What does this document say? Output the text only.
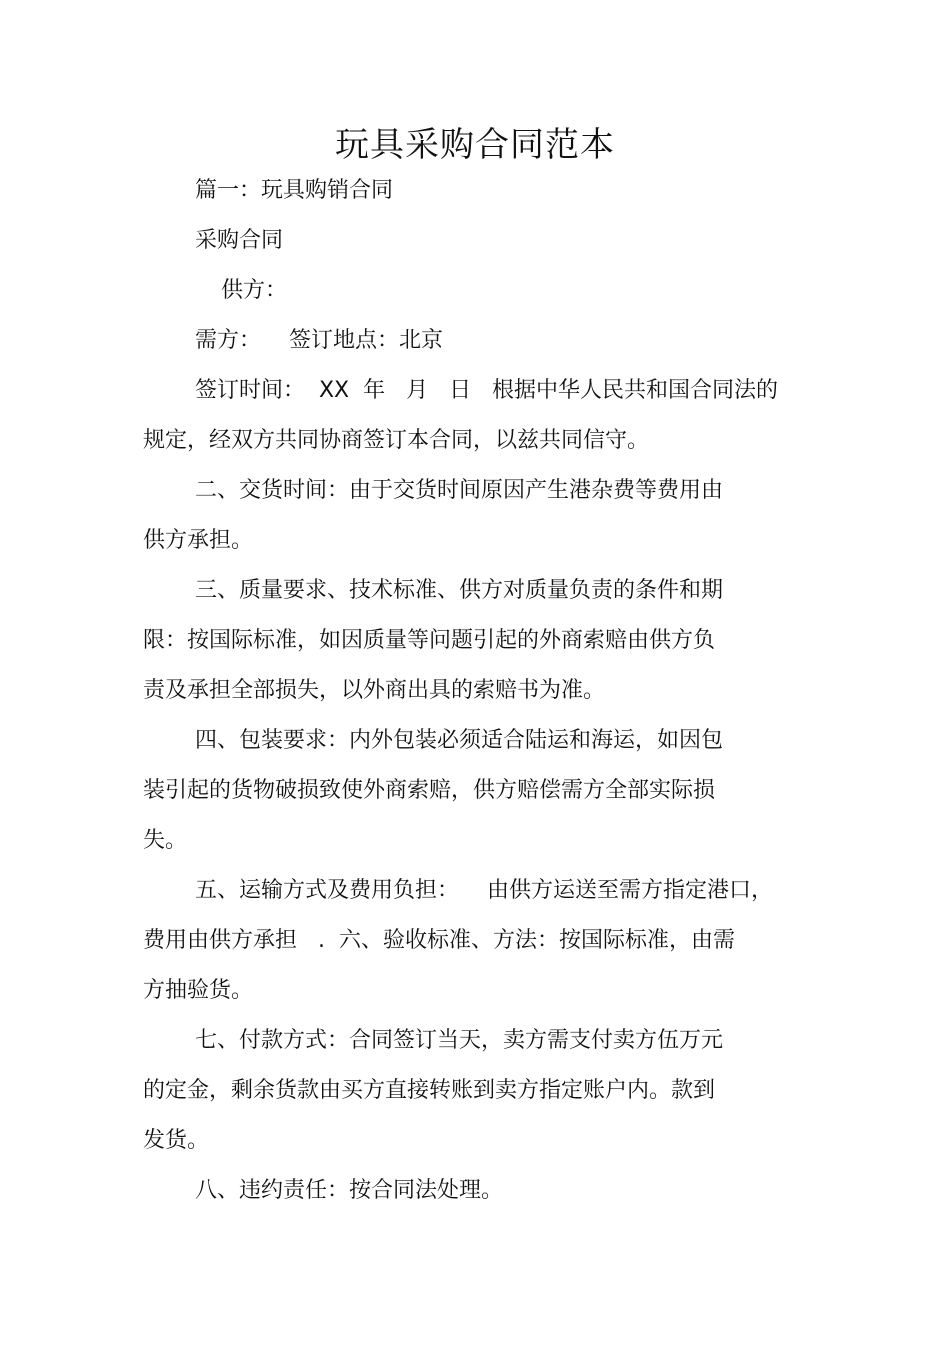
玩具采购合同范本
篇一：玩具购销合同
采购合同
供方：
需方：    签订地点：北京
签订时间：  XX  年   月   日   根据中华人民共和国合同法的
规定，经双方共同协商签订本合同，以兹共同信守。
二、交货时间：由于交货时间原因产生港杂费等费用由
供方承担。
三、质量要求、技术标准、供方对质量负责的条件和期
限：按国际标准，如因质量等问题引起的外商索赔由供方负
责及承担全部损失，以外商出具的索赔书为准。
四、包装要求：内外包装必须适合陆运和海运，如因包
装引起的货物破损致使外商索赔，供方赔偿需方全部实际损
失。
五、运输方式及费用负担：    由供方运送至需方指定港口，
费用由供方承担   .  六、验收标准、方法：按国际标准，由需
方抽验货。
七、付款方式：合同签订当天，卖方需支付卖方伍万元
的定金，剩余货款由买方直接转账到卖方指定账户内。款到
发货。
八、违约责任：按合同法处理。
